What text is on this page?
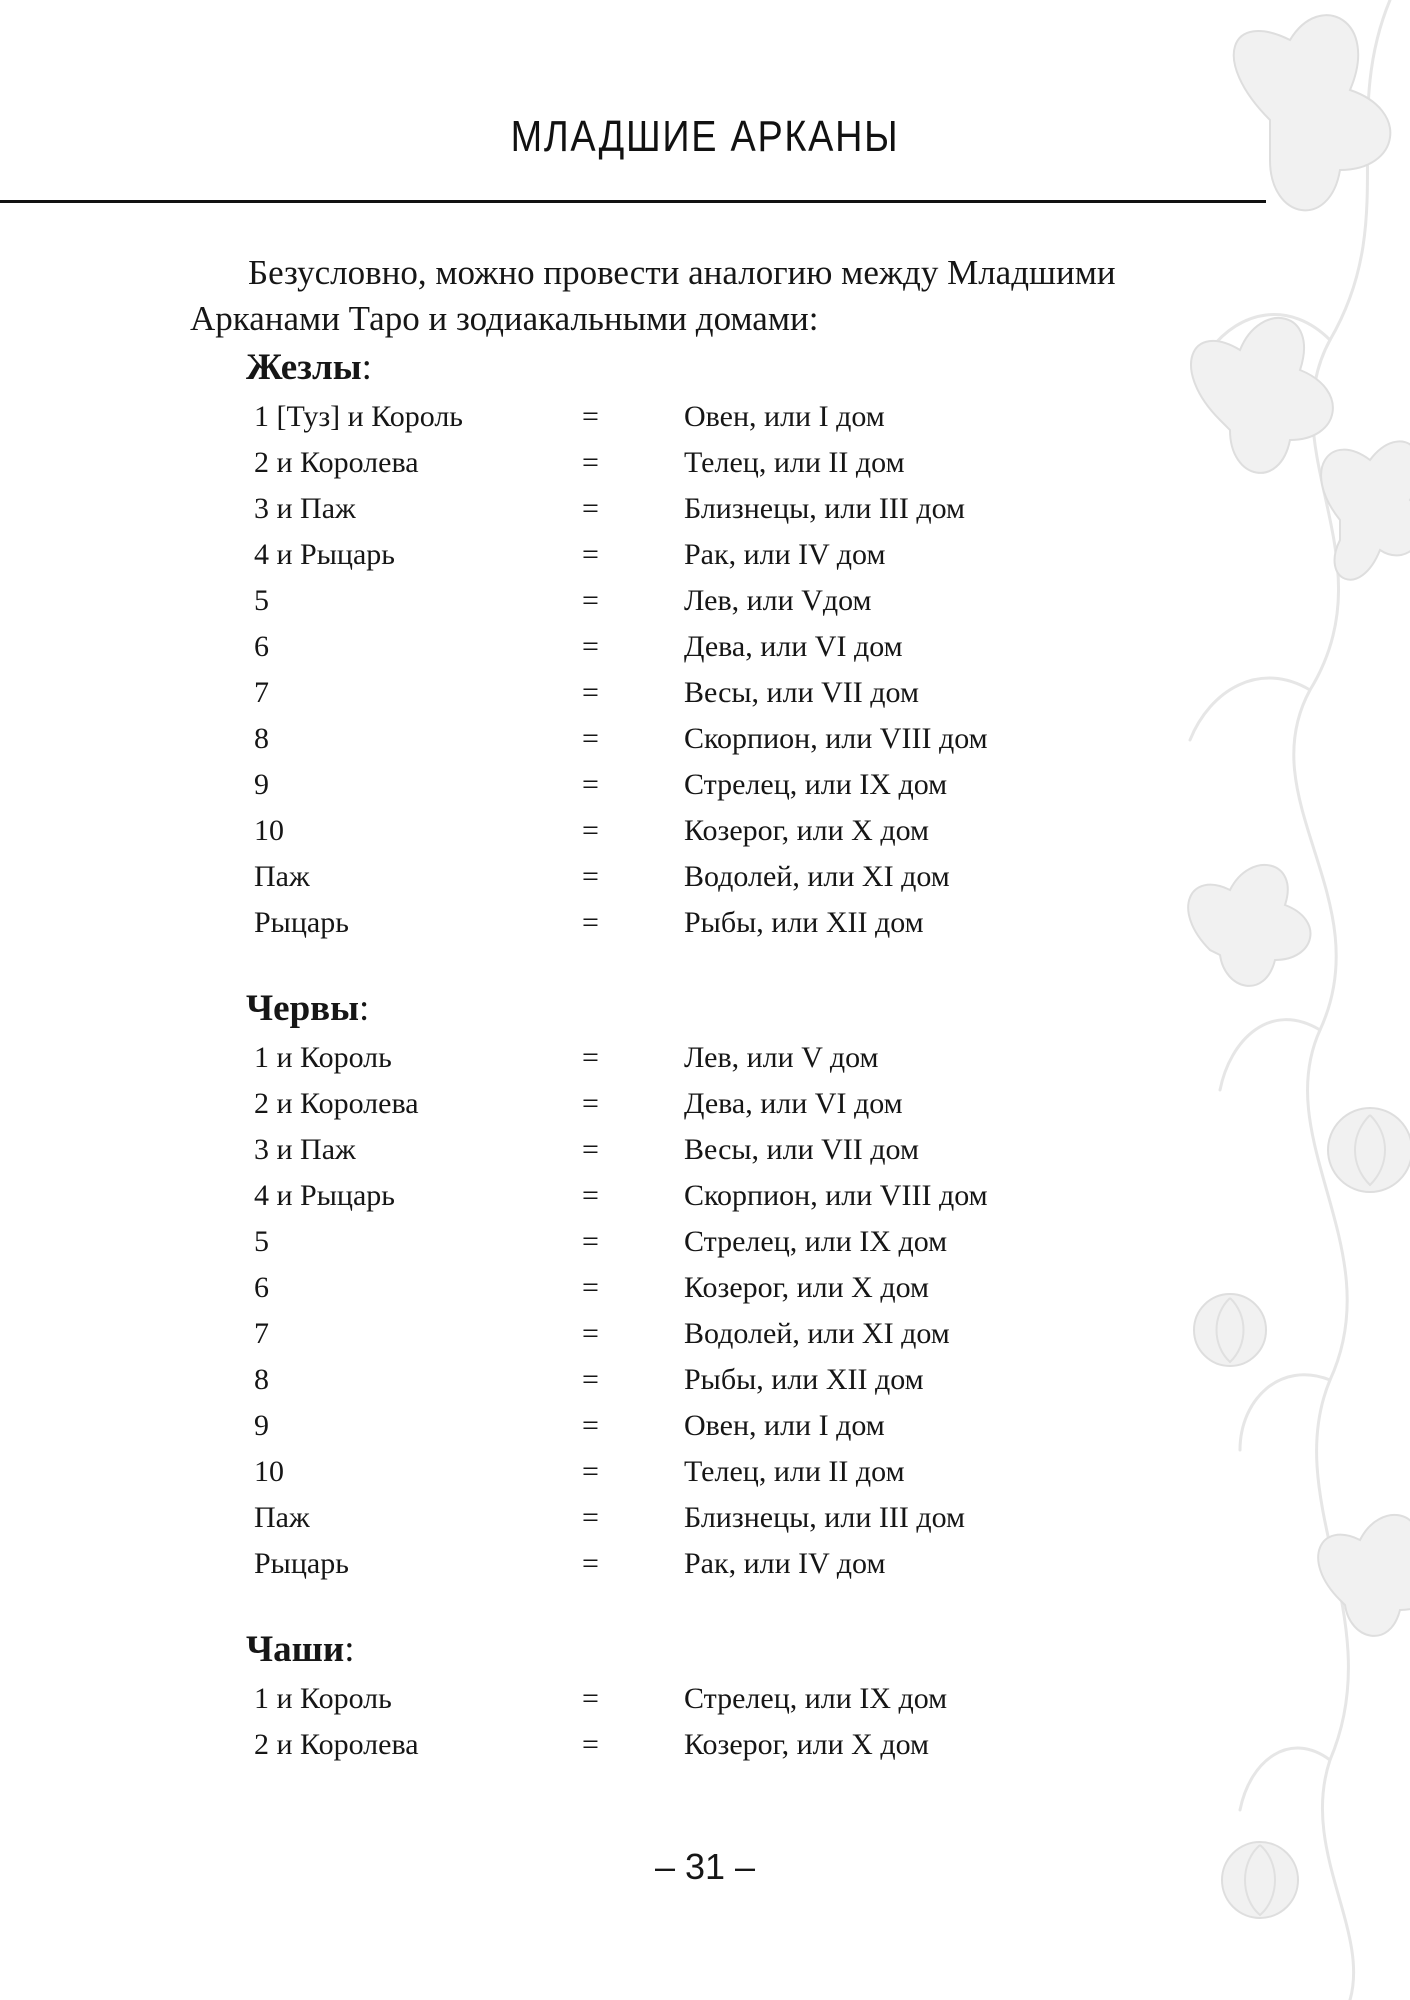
МЛАДШИЕ АРКАНЫ

Безусловно, можно провести аналогию между Младшими Арканами Таро и зодиакальными домами:

Жезлы:
1 [Туз] и Король	=	Овен, или I дом
2 и Королева	=	Телец, или II дом
3 и Паж	=	Близнецы, или III дом
4 и Рыцарь	=	Рак, или IV дом
5	=	Лев, или Vдом
6	=	Дева, или VI дом
7	=	Весы, или VII дом
8	=	Скорпион, или VIII дом
9	=	Стрелец, или IX дом
10	=	Козерог, или X дом
Паж	=	Водолей, или XI дом
Рыцарь	=	Рыбы, или XII дом
Червы:
1 и Король	=	Лев, или V дом
2 и Королева	=	Дева, или VI дом
3 и Паж	=	Весы, или VII дом
4 и Рыцарь	=	Скорпион, или VIII дом
5	=	Стрелец, или IX дом
6	=	Козерог, или X дом
7	=	Водолей, или XI дом
8	=	Рыбы, или XII дом
9	=	Овен, или I дом
10	=	Телец, или II дом
Паж	=	Близнецы, или III дом
Рыцарь	=	Рак, или IV дом
Чаши:
1 и Король	=	Стрелец, или IX дом
2 и Королева	=	Козерог, или X дом
– 31 –
